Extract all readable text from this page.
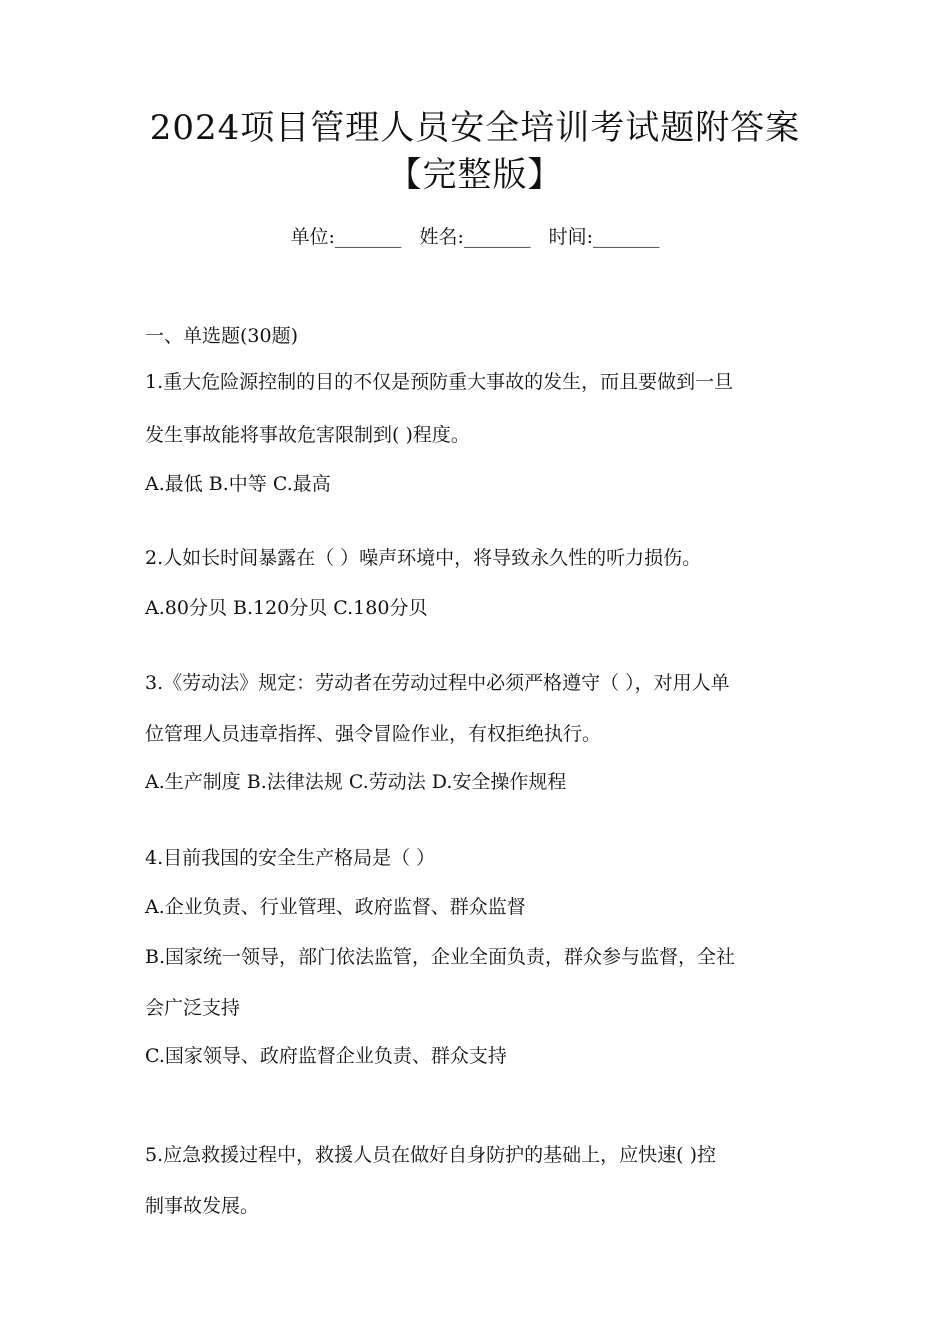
2024项目管理人员安全培训考试题附答案
【完整版】
单位:_______ 姓名:_______ 时间:_______
一、单选题(30题)
1.重大危险源控制的目的不仅是预防重大事故的发生，而且要做到一旦
发生事故能将事故危害限制到( )程度。
A.最低 B.中等 C.最高
2.人如长时间暴露在（ ）噪声环境中，将导致永久性的听力损伤。
A.80分贝 B.120分贝 C.180分贝
3.《劳动法》规定：劳动者在劳动过程中必须严格遵守（ ），对用人单
位管理人员违章指挥、强令冒险作业，有权拒绝执行。
A.生产制度 B.法律法规 C.劳动法 D.安全操作规程
4.目前我国的安全生产格局是（ ）
A.企业负责、行业管理、政府监督、群众监督
B.国家统一领导，部门依法监管，企业全面负责，群众参与监督，全社
会广泛支持
C.国家领导、政府监督企业负责、群众支持
5.应急救援过程中，救援人员在做好自身防护的基础上，应快速( )控
制事故发展。
